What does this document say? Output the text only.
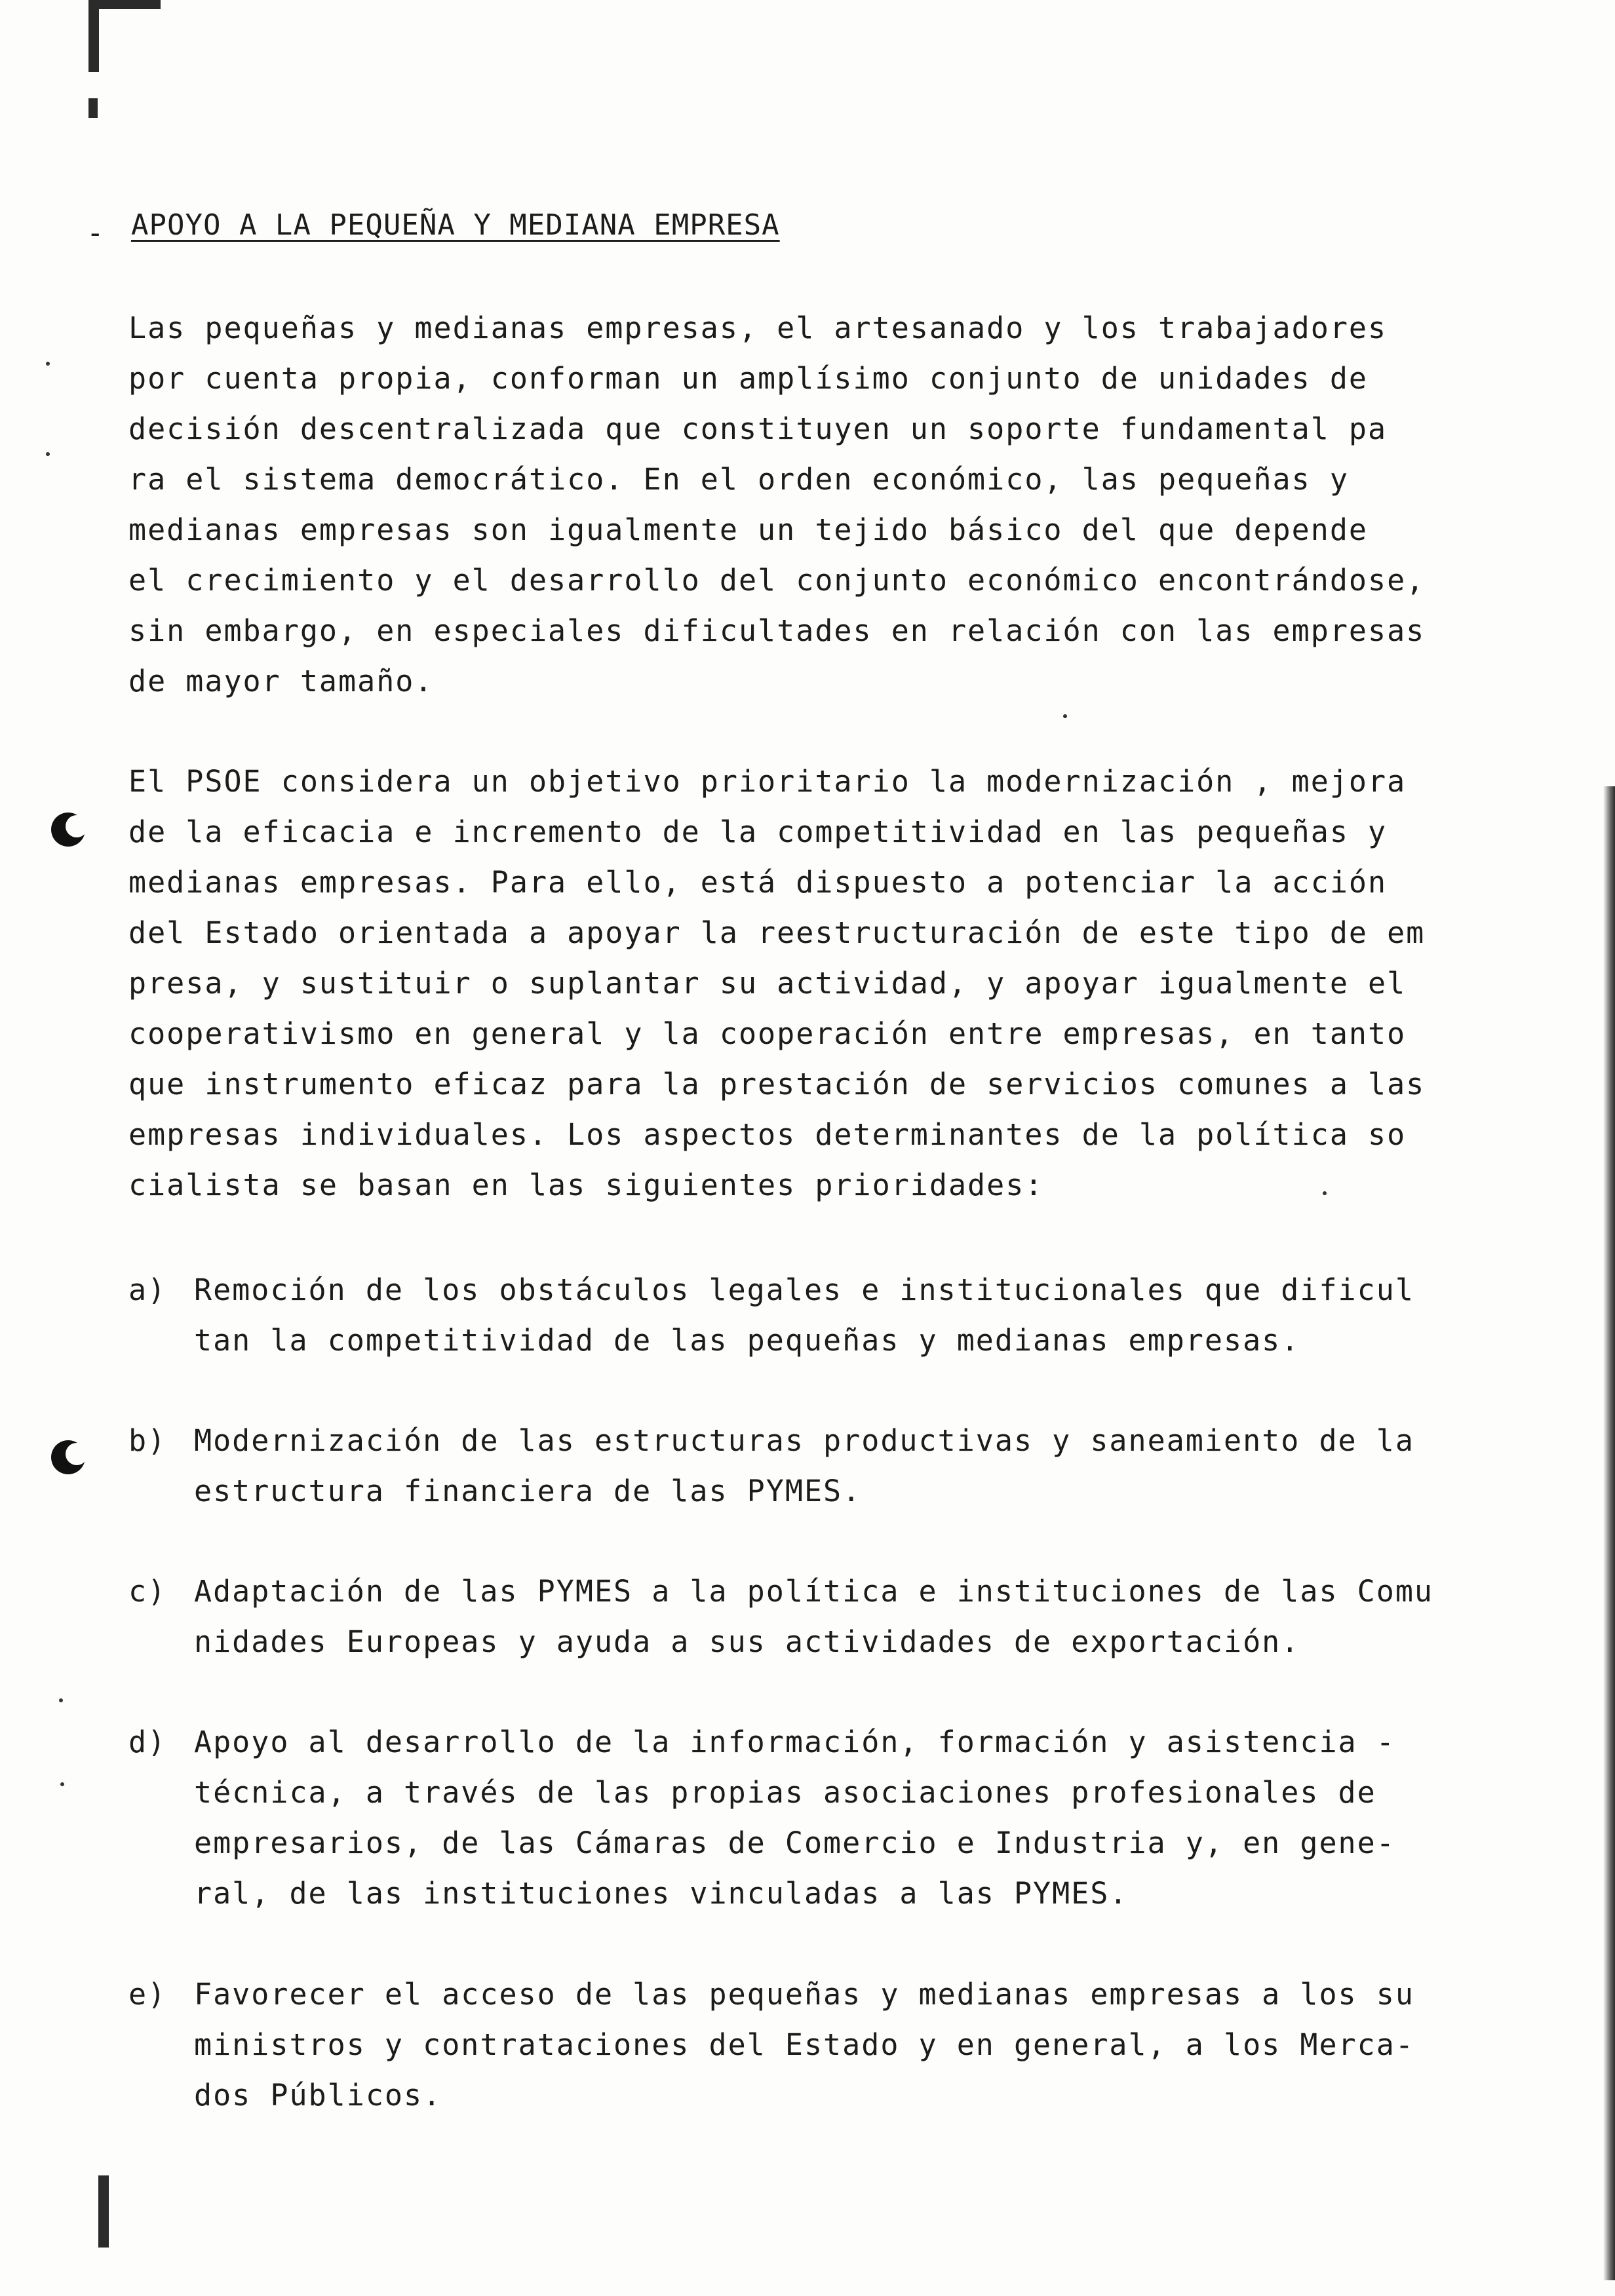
- APOYO A LA PEQUEÑA Y MEDIANA EMPRESA

Las pequeñas y medianas empresas, el artesanado y los trabajadores
por cuenta propia, conforman un amplísimo conjunto de unidades de
decisión descentralizada que constituyen un soporte fundamental pa
ra el sistema democrático. En el orden económico, las pequeñas y
medianas empresas son igualmente un tejido básico del que depende
el crecimiento y el desarrollo del conjunto económico encontrándose,
sin embargo, en especiales dificultades en relación con las empresas
de mayor tamaño.

El PSOE considera un objetivo prioritario la modernización , mejora
de la eficacia e incremento de la competitividad en las pequeñas y
medianas empresas. Para ello, está dispuesto a potenciar la acción
del Estado orientada a apoyar la reestructuración de este tipo de em
presa, y sustituir o suplantar su actividad, y apoyar igualmente el
cooperativismo en general y la cooperación entre empresas, en tanto
que instrumento eficaz para la prestación de servicios comunes a las
empresas individuales. Los aspectos determinantes de la política so
cialista se basan en las siguientes prioridades:

a) Remoción de los obstáculos legales e institucionales que dificul
tan la competitividad de las pequeñas y medianas empresas.
b) Modernización de las estructuras productivas y saneamiento de la
estructura financiera de las PYMES.
c) Adaptación de las PYMES a la política e instituciones de las Comu
nidades Europeas y ayuda a sus actividades de exportación.
d) Apoyo al desarrollo de la información, formación y asistencia -
técnica, a través de las propias asociaciones profesionales de
empresarios, de las Cámaras de Comercio e Industria y, en gene-
ral, de las instituciones vinculadas a las PYMES.
e) Favorecer el acceso de las pequeñas y medianas empresas a los su
ministros y contrataciones del Estado y en general, a los Merca-
dos Públicos.
